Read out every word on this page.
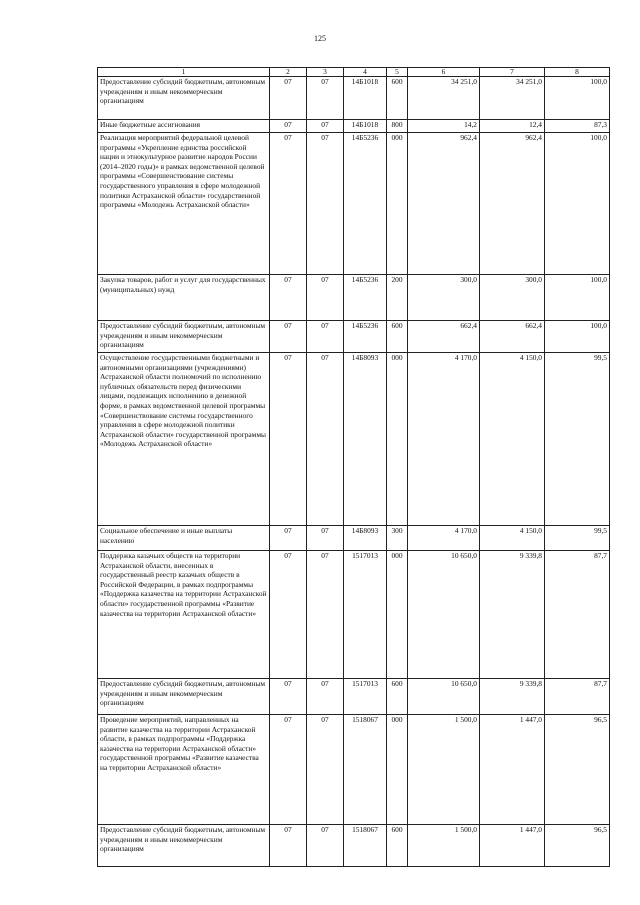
125
1	2	3	4	5	6	7	8
Предоставление субсидий бюджетным, автономным учреждениям и иным некоммерческим организациям	07	07	14Б1018	600	34 251,0	34 251,0	100,0
Иные бюджетные ассигнования	07	07	14Б1018	800	14,2	12,4	87,3
Реализация мероприятий федеральной целевой программы «Укрепление единства российской нации и этнокультурное развитие народов России (2014–2020 годы)» в рамках ведомственной целевой программы «Совершенствование системы государственного управления в сфере молодежной политики Астраханской области» государственной программы «Молодежь Астраханской области»	07	07	14Б5236	000	962,4	962,4	100,0
Закупка товаров, работ и услуг для государственных (муниципальных) нужд	07	07	14Б5236	200	300,0	300,0	100,0
Предоставление субсидий бюджетным, автономным учреждениям и иным некоммерческим организациям	07	07	14Б5236	600	662,4	662,4	100,0
Осуществление государственными бюджетными и автономными организациями (учреждениями) Астраханской области полномочий по исполнению публичных обязательств перед физическими лицами, подлежащих исполнению в денежной форме, в рамках ведомственной целевой программы «Совершенствование системы государственного управления в сфере молодежной политики Астраханской области» государственной программы «Молодежь Астраханской области»	07	07	14Б8093	000	4 170,0	4 150,0	99,5
Социальное обеспечение и иные выплаты населению	07	07	14Б8093	300	4 170,0	4 150,0	99,5
Поддержка казачьих обществ на территории Астраханской области, внесенных в государственный реестр казачьих обществ в Российской Федерации, в рамках подпрограммы «Поддержка казачества на территории Астраханской области» государственной программы «Развитие казачества на территории Астраханской области»	07	07	1517013	000	10 650,0	9 339,8	87,7
Предоставление субсидий бюджетным, автономным учреждениям и иным некоммерческим организациям	07	07	1517013	600	10 650,0	9 339,8	87,7
Проведение мероприятий, направленных на развитие казачества на территории Астраханской области, в рамках подпрограммы «Поддержка казачества на территории Астраханской области» государственной программы «Развитие казачества на территории Астраханской области»	07	07	1518067	000	1 500,0	1 447,0	96,5
Предоставление субсидий бюджетным, автономным учреждениям и иным некоммерческим организациям	07	07	1518067	600	1 500,0	1 447,0	96,5
